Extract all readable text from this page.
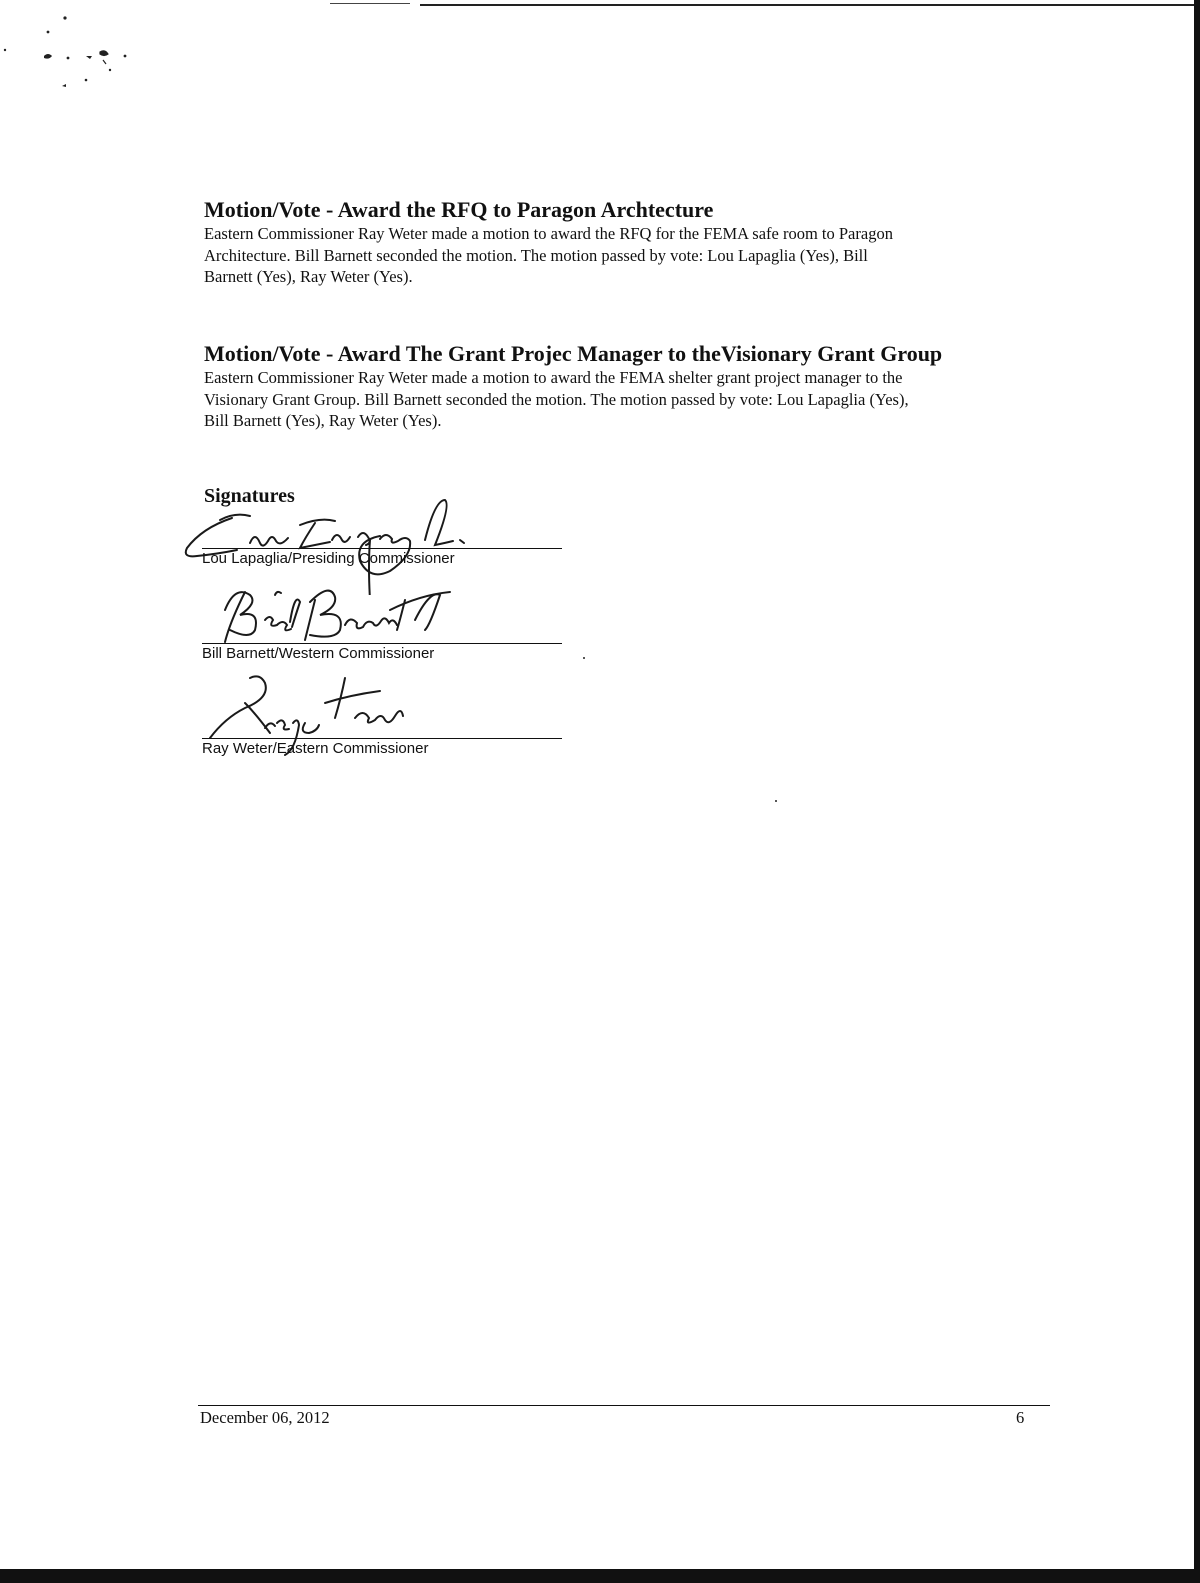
Motion/Vote - Award the RFQ to Paragon Archtecture

Eastern Commissioner Ray Weter made a motion to award the RFQ for the FEMA safe room to Paragon
Architecture. Bill Barnett seconded the motion. The motion passed by vote: Lou Lapaglia (Yes), Bill
Barnett (Yes), Ray Weter (Yes).

Motion/Vote - Award The Grant Projec Manager to theVisionary Grant Group

Eastern Commissioner Ray Weter made a motion to award the FEMA shelter grant project manager to the
Visionary Grant Group. Bill Barnett seconded the motion. The motion passed by vote: Lou Lapaglia (Yes),
Bill Barnett (Yes), Ray Weter (Yes).

Signatures
Lou Lapaglia/Presiding Commissioner
Bill Barnett/Western Commissioner
Ray Weter/Eastern Commissioner
December 06, 2012	6
